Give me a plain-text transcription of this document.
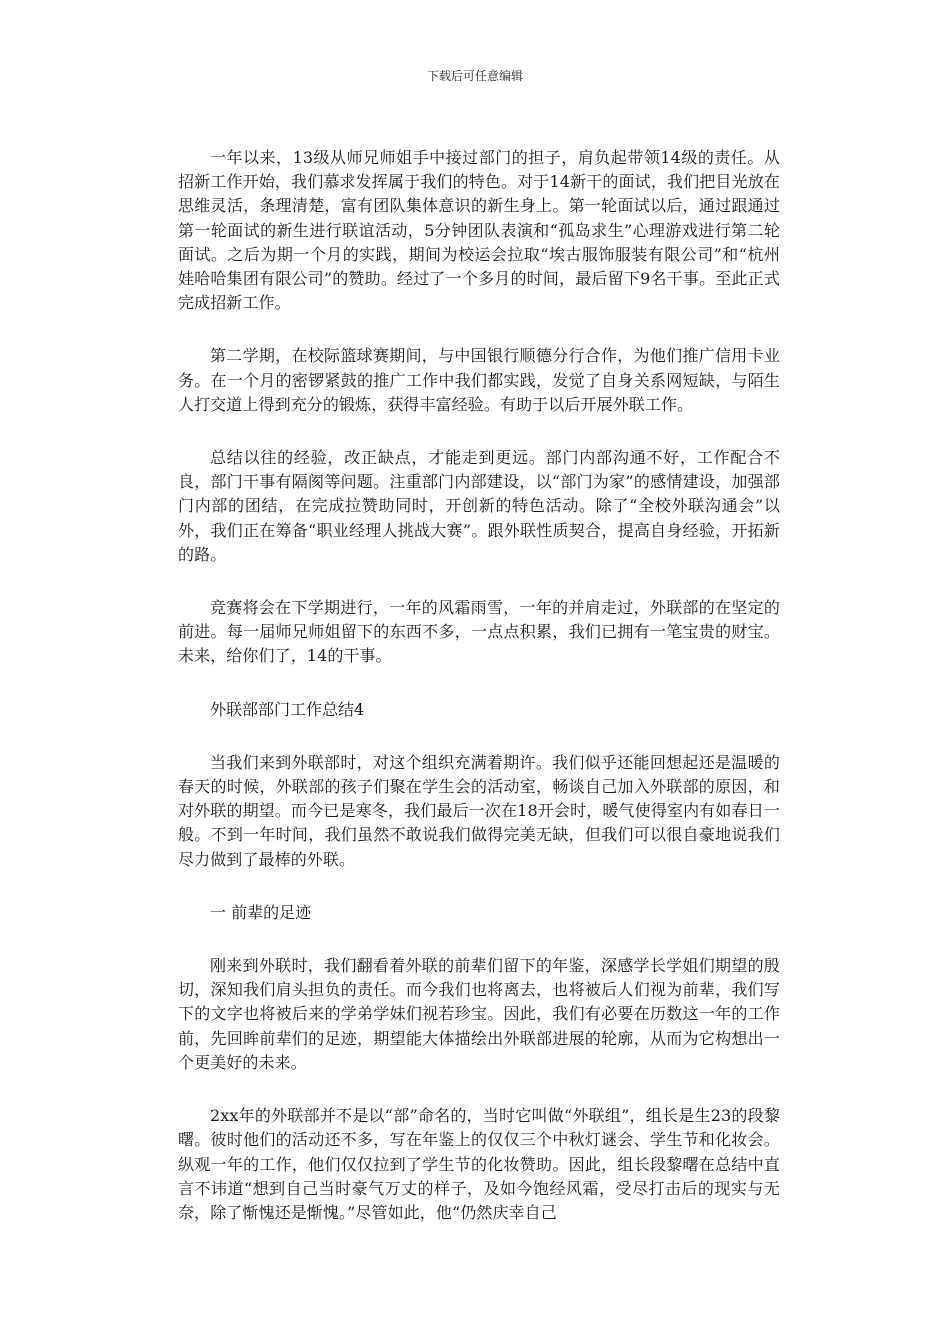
下载后可任意编辑

一年以来，13级从师兄师姐手中接过部门的担子，肩负起带领14级的责任。从招新工作开始，我们慕求发挥属于我们的特色。对于14新干的面试，我们把目光放在思维灵活，条理清楚，富有团队集体意识的新生身上。第一轮面试以后，通过跟通过第一轮面试的新生进行联谊活动，5分钟团队表演和“孤岛求生”心理游戏进行第二轮面试。之后为期一个月的实践，期间为校运会拉取“埃古服饰服装有限公司”和“杭州娃哈哈集团有限公司”的赞助。经过了一个多月的时间，最后留下9名干事。至此正式完成招新工作。

第二学期，在校际篮球赛期间，与中国银行顺德分行合作，为他们推广信用卡业务。在一个月的密锣紧鼓的推广工作中我们都实践，发觉了自身关系网短缺，与陌生人打交道上得到充分的锻炼，获得丰富经验。有助于以后开展外联工作。

总结以往的经验，改正缺点，才能走到更远。部门内部沟通不好，工作配合不良，部门干事有隔阂等问题。注重部门内部建设，以“部门为家”的感情建设，加强部门内部的团结，在完成拉赞助同时，开创新的特色活动。除了“全校外联沟通会”以外，我们正在筹备“职业经理人挑战大赛”。跟外联性质契合，提高自身经验，开拓新的路。

竞赛将会在下学期进行，一年的风霜雨雪，一年的并肩走过，外联部的在坚定的前进。每一届师兄师姐留下的东西不多，一点点积累，我们已拥有一笔宝贵的财宝。未来，给你们了，14的干事。

外联部部门工作总结4

当我们来到外联部时，对这个组织充满着期许。我们似乎还能回想起还是温暖的春天的时候，外联部的孩子们聚在学生会的活动室，畅谈自己加入外联部的原因，和对外联的期望。而今已是寒冬，我们最后一次在18开会时，暖气使得室内有如春日一般。不到一年时间，我们虽然不敢说我们做得完美无缺，但我们可以很自豪地说我们尽力做到了最棒的外联。

一 前辈的足迹

刚来到外联时，我们翻看着外联的前辈们留下的年鉴，深感学长学姐们期望的殷切，深知我们肩头担负的责任。而今我们也将离去，也将被后人们视为前辈，我们写下的文字也将被后来的学弟学妹们视若珍宝。因此，我们有必要在历数这一年的工作前，先回眸前辈们的足迹，期望能大体描绘出外联部进展的轮廓，从而为它构想出一个更美好的未来。

2xx年的外联部并不是以“部”命名的，当时它叫做“外联组”，组长是生23的段黎曙。彼时他们的活动还不多，写在年鉴上的仅仅三个中秋灯谜会、学生节和化妆会。纵观一年的工作，他们仅仅拉到了学生节的化妆赞助。因此，组长段黎曙在总结中直言不讳道“想到自己当时豪气万丈的样子，及如今饱经风霜，受尽打击后的现实与无奈，除了惭愧还是惭愧。”尽管如此，他“仍然庆幸自己
